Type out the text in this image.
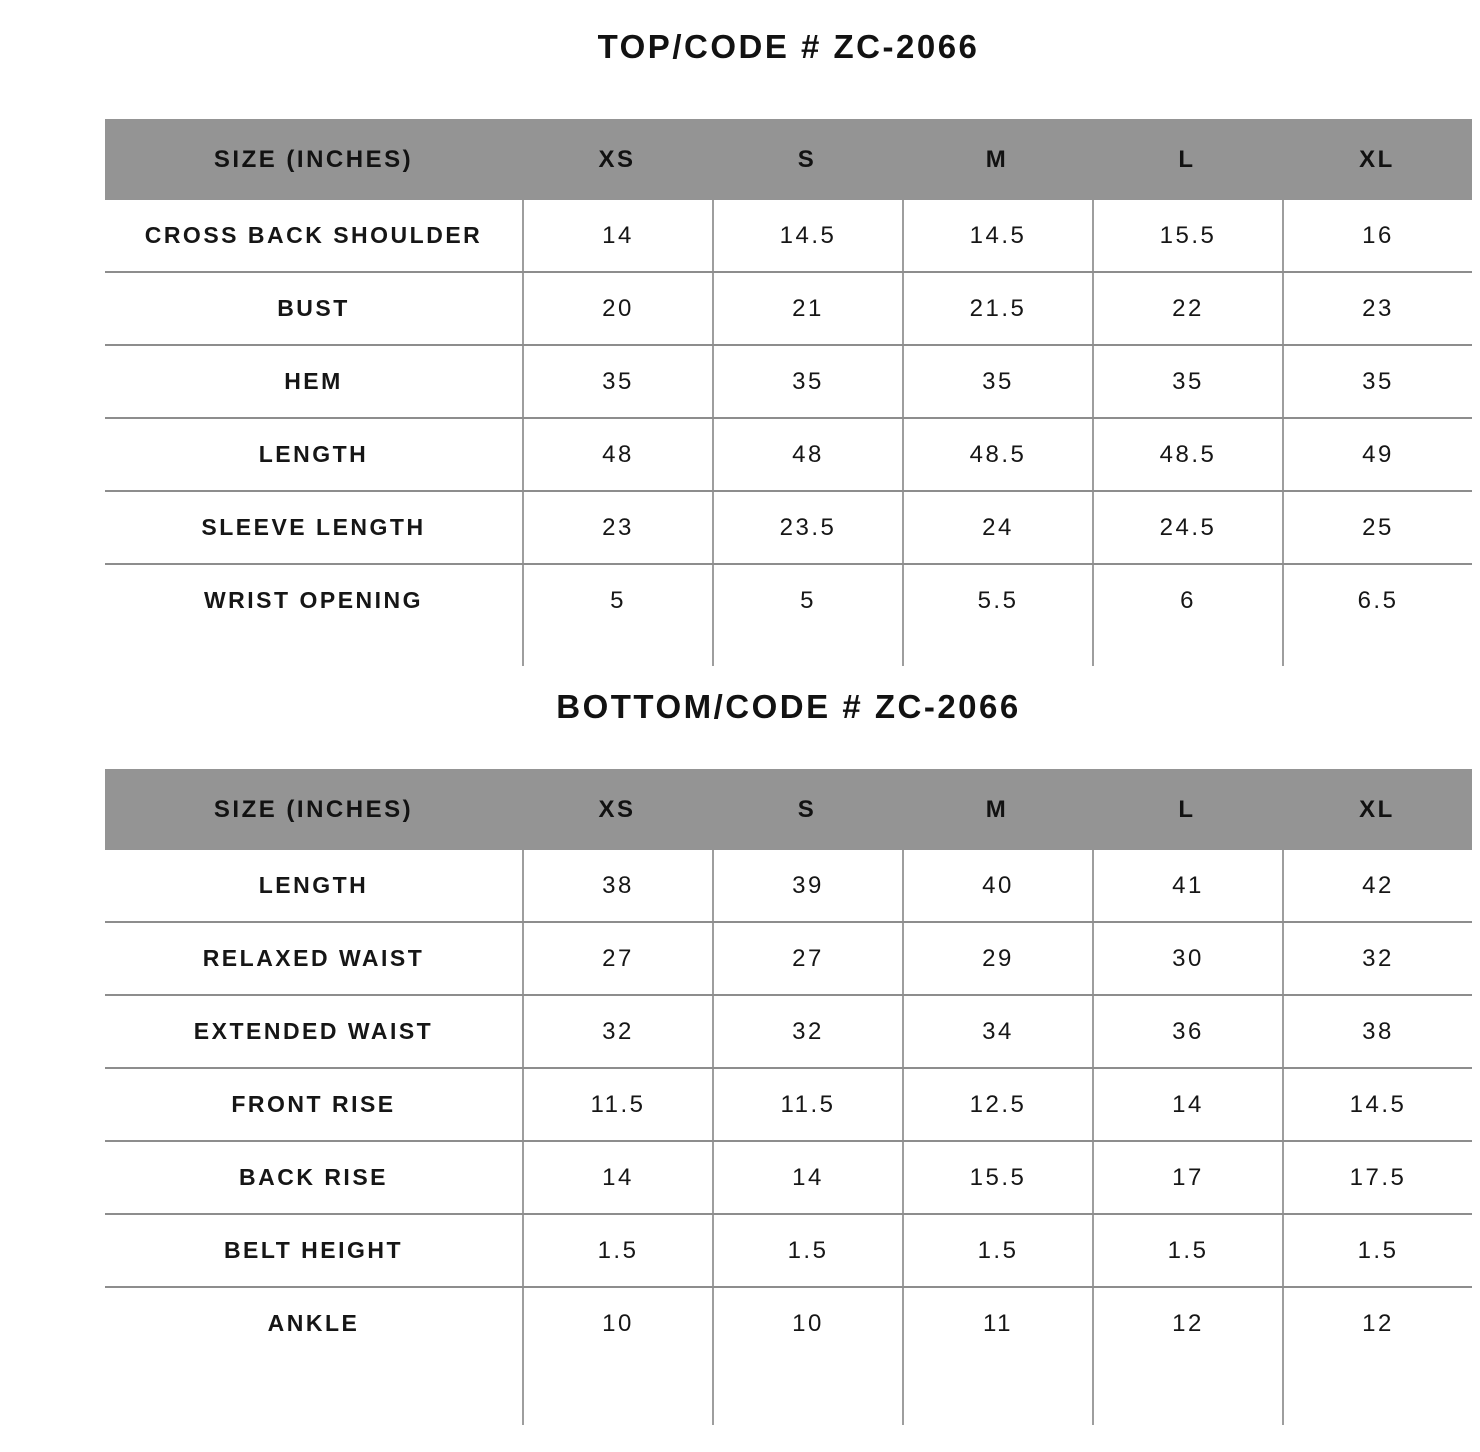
TOP/CODE # ZC-2066
SIZE (INCHES)	XS	S	M	L	XL
CROSS BACK SHOULDER	14	14.5	14.5	15.5	16
BUST	20	21	21.5	22	23
HEM	35	35	35	35	35
LENGTH	48	48	48.5	48.5	49
SLEEVE LENGTH	23	23.5	24	24.5	25
WRIST OPENING	5	5	5.5	6	6.5
BOTTOM/CODE # ZC-2066
SIZE (INCHES)	XS	S	M	L	XL
LENGTH	38	39	40	41	42
RELAXED WAIST	27	27	29	30	32
EXTENDED WAIST	32	32	34	36	38
FRONT RISE	11.5	11.5	12.5	14	14.5
BACK RISE	14	14	15.5	17	17.5
BELT HEIGHT	1.5	1.5	1.5	1.5	1.5
ANKLE	10	10	11	12	12
